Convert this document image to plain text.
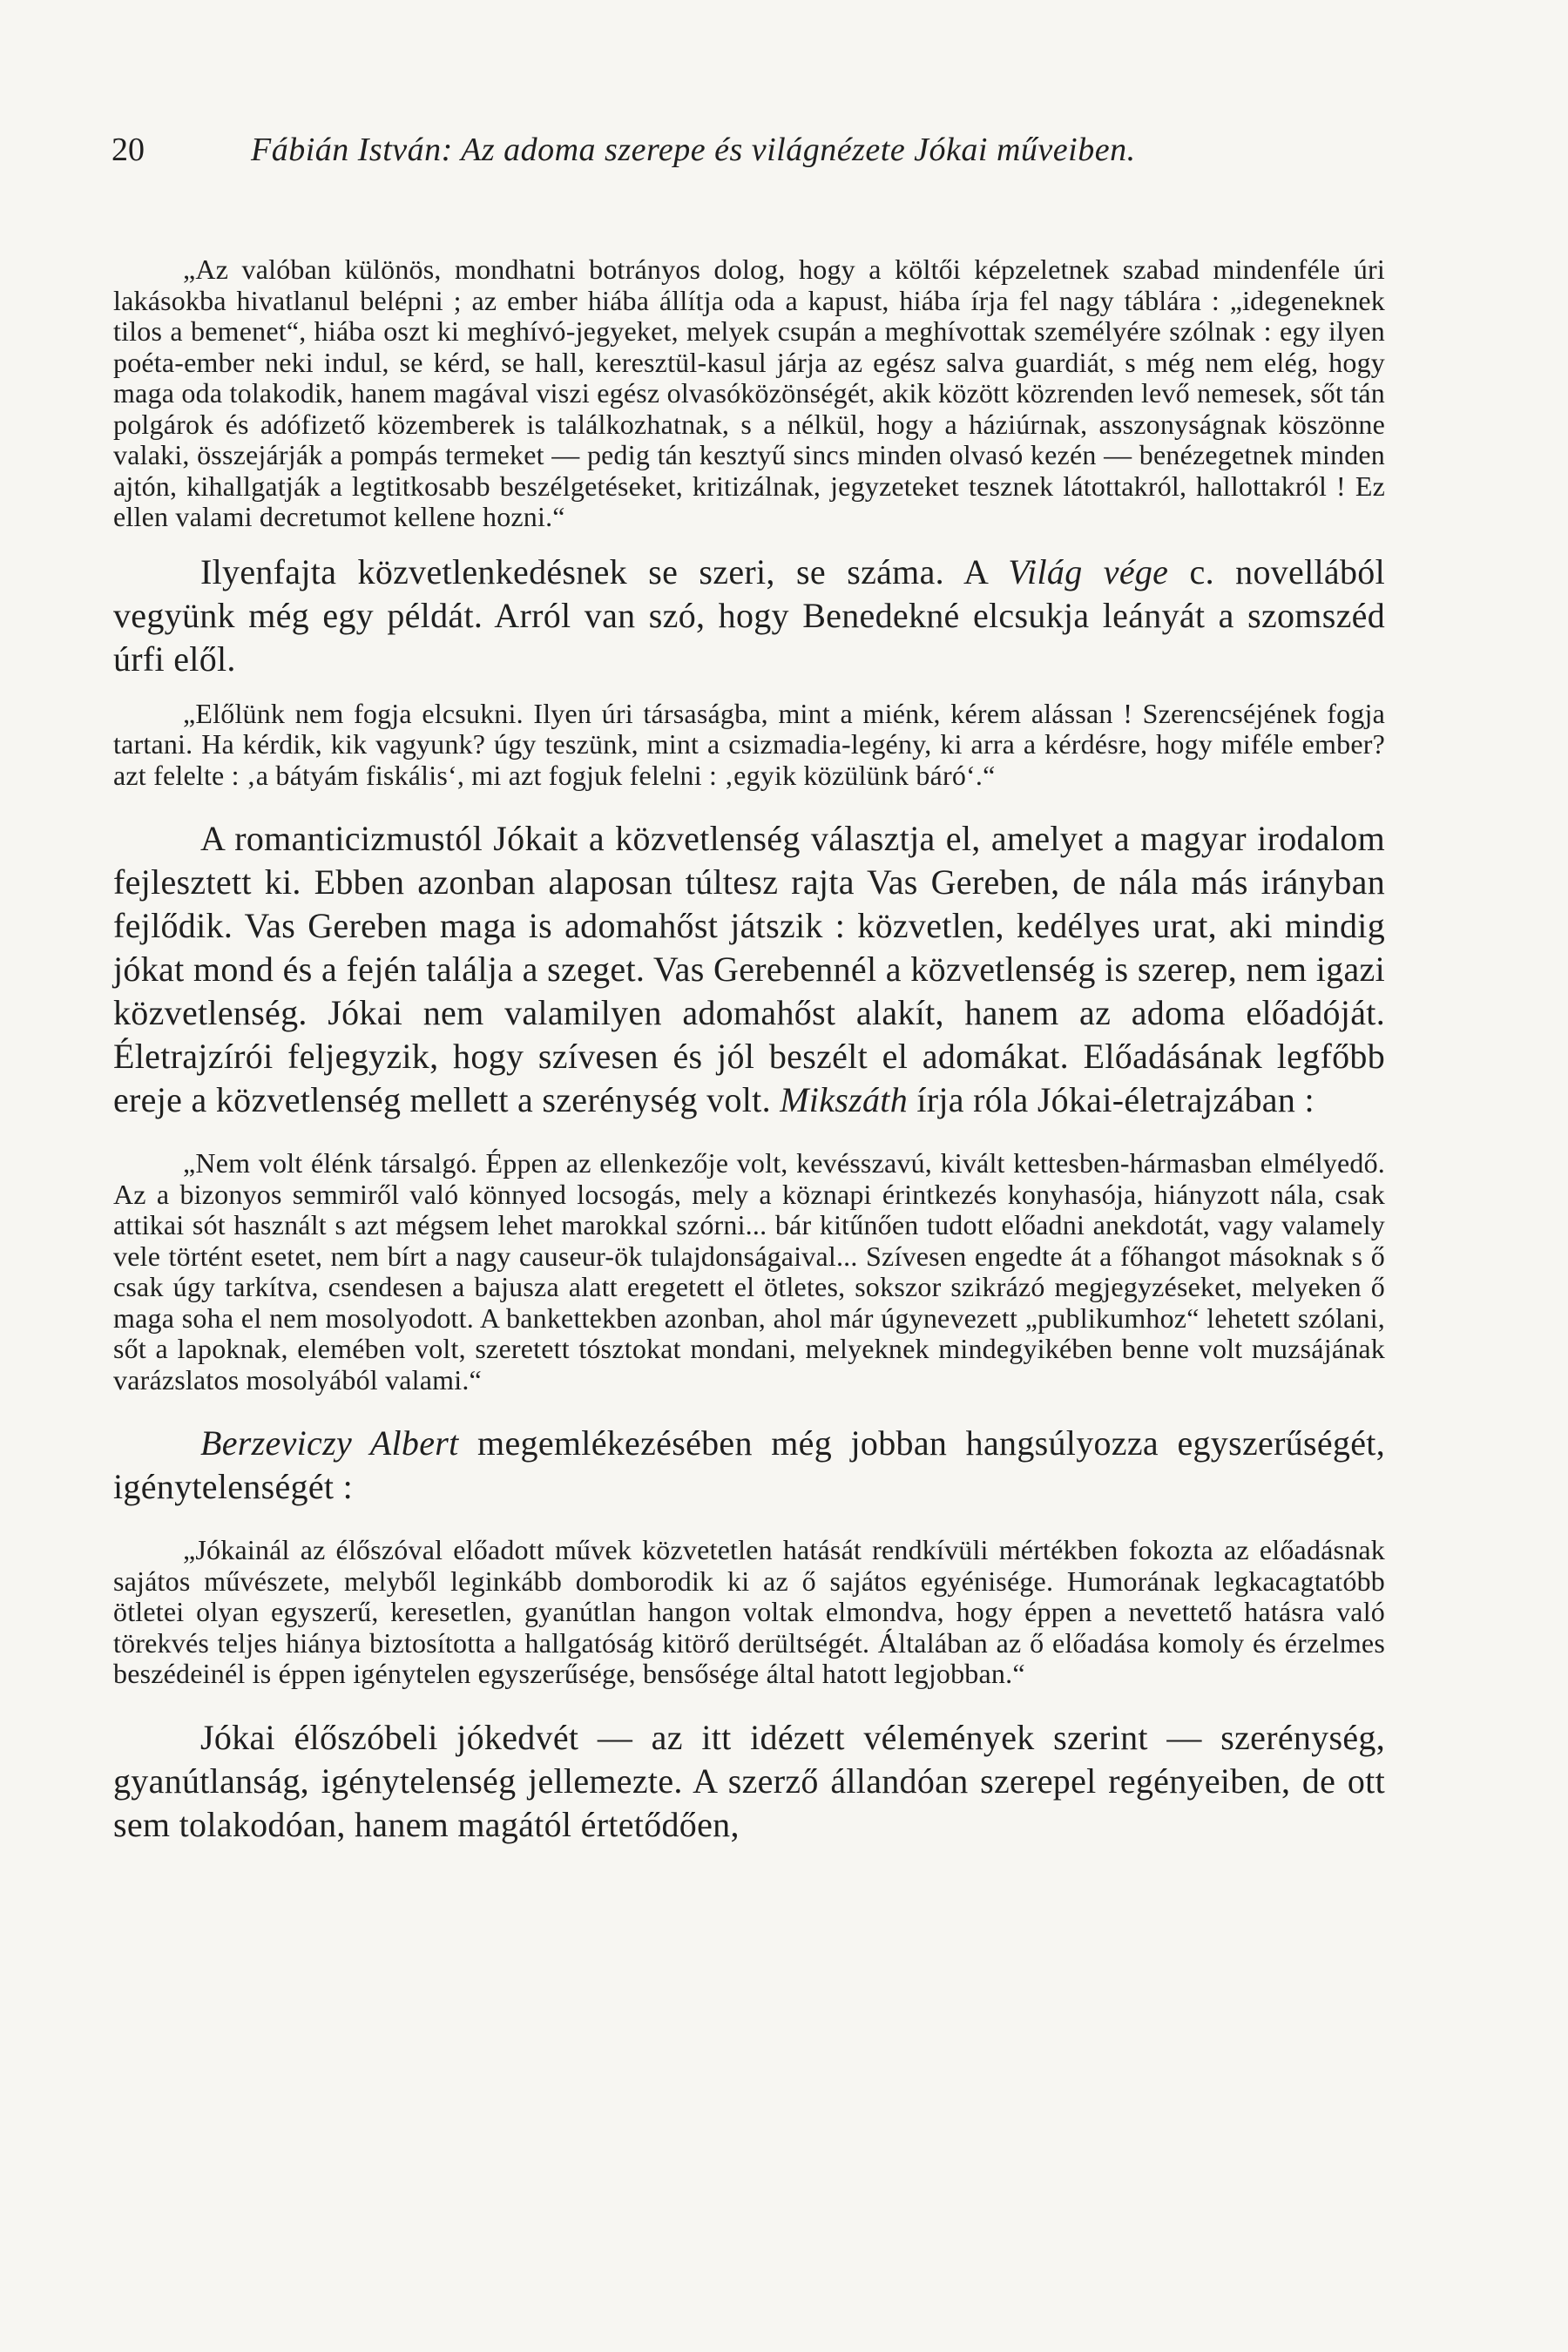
20	Fábián István: Az adoma szerepe és világnézete Jókai műveiben.

„Az valóban különös, mondhatni botrányos dolog, hogy a költői képzeletnek szabad mindenféle úri lakásokba hivatlanul belépni ; az ember hiába állítja oda a kapust, hiába írja fel nagy táblára : „idegeneknek tilos a bemenet“, hiába oszt ki meghívó-jegyeket, melyek csupán a meghívottak személyére szólnak : egy ilyen poéta-ember neki indul, se kérd, se hall, keresztül-kasul járja az egész salva guardiát, s még nem elég, hogy maga oda tolakodik, hanem magával viszi egész olvasóközönségét, akik között közrenden levő nemesek, sőt tán polgárok és adófizető közemberek is találkozhatnak, s a nélkül, hogy a háziúrnak, asszonyságnak köszönne valaki, összejárják a pompás termeket — pedig tán kesztyű sincs minden olvasó kezén — benézegetnek minden ajtón, kihallgatják a legtitkosabb beszélgetéseket, kritizálnak, jegyzeteket tesznek látottakról, hallottakról ! Ez ellen valami decretumot kellene hozni.“

Ilyenfajta közvetlenkedésnek se szeri, se száma. A Világ vége c. novellából vegyünk még egy példát. Arról van szó, hogy Benedekné elcsukja leányát a szomszéd úrfi elől.

„Előlünk nem fogja elcsukni. Ilyen úri társaságba, mint a miénk, kérem alássan ! Szerencséjének fogja tartani. Ha kérdik, kik vagyunk? úgy teszünk, mint a csizmadia-legény, ki arra a kérdésre, hogy miféle ember? azt felelte : ‚a bátyám fiskális‘, mi azt fogjuk felelni : ‚egyik közülünk báró‘.“

A romanticizmustól Jókait a közvetlenség választja el, amelyet a magyar irodalom fejlesztett ki. Ebben azonban alaposan túltesz rajta Vas Gereben, de nála más irányban fejlődik. Vas Gereben maga is adomahőst játszik : közvetlen, kedélyes urat, aki mindig jókat mond és a fején találja a szeget. Vas Gerebennél a közvetlenség is szerep, nem igazi közvetlenség. Jókai nem valamilyen adomahőst alakít, hanem az adoma előadóját. Életrajzírói feljegyzik, hogy szívesen és jól beszélt el adomákat. Előadásának legfőbb ereje a közvetlenség mellett a szerénység volt. Mikszáth írja róla Jókai-életrajzában :

„Nem volt élénk társalgó. Éppen az ellenkezője volt, kevésszavú, kivált kettesben-hármasban elmélyedő. Az a bizonyos semmiről való könnyed locsogás, mely a köznapi érintkezés konyhasója, hiányzott nála, csak attikai sót használt s azt mégsem lehet marokkal szórni... bár kitűnően tudott előadni anekdotát, vagy valamely vele történt esetet, nem bírt a nagy causeur-ök tulajdonságaival... Szívesen engedte át a főhangot másoknak s ő csak úgy tarkítva, csendesen a bajusza alatt eregetett el ötletes, sokszor szikrázó megjegyzéseket, melyeken ő maga soha el nem mosolyodott. A bankettekben azonban, ahol már úgynevezett „publikumhoz“ lehetett szólani, sőt a lapoknak, elemében volt, szeretett tósztokat mondani, melyeknek mindegyikében benne volt muzsájának varázslatos mosolyából valami.“

Berzeviczy Albert megemlékezésében még jobban hangsúlyozza egyszerűségét, igénytelenségét :

„Jókainál az élőszóval előadott művek közvetetlen hatását rendkívüli mértékben fokozta az előadásnak sajátos művészete, melyből leginkább domborodik ki az ő sajátos egyénisége. Humorának legkacagtatóbb ötletei olyan egyszerű, keresetlen, gyanútlan hangon voltak elmondva, hogy éppen a nevettető hatásra való törekvés teljes hiánya biztosította a hallgatóság kitörő derültségét. Általában az ő előadása komoly és érzelmes beszédeinél is éppen igénytelen egyszerűsége, bensősége által hatott legjobban.“

Jókai élőszóbeli jókedvét — az itt idézett vélemények szerint — szerénység, gyanútlanság, igénytelenség jellemezte. A szerző állandóan szerepel regényeiben, de ott sem tolakodóan, hanem magától értetődően,
